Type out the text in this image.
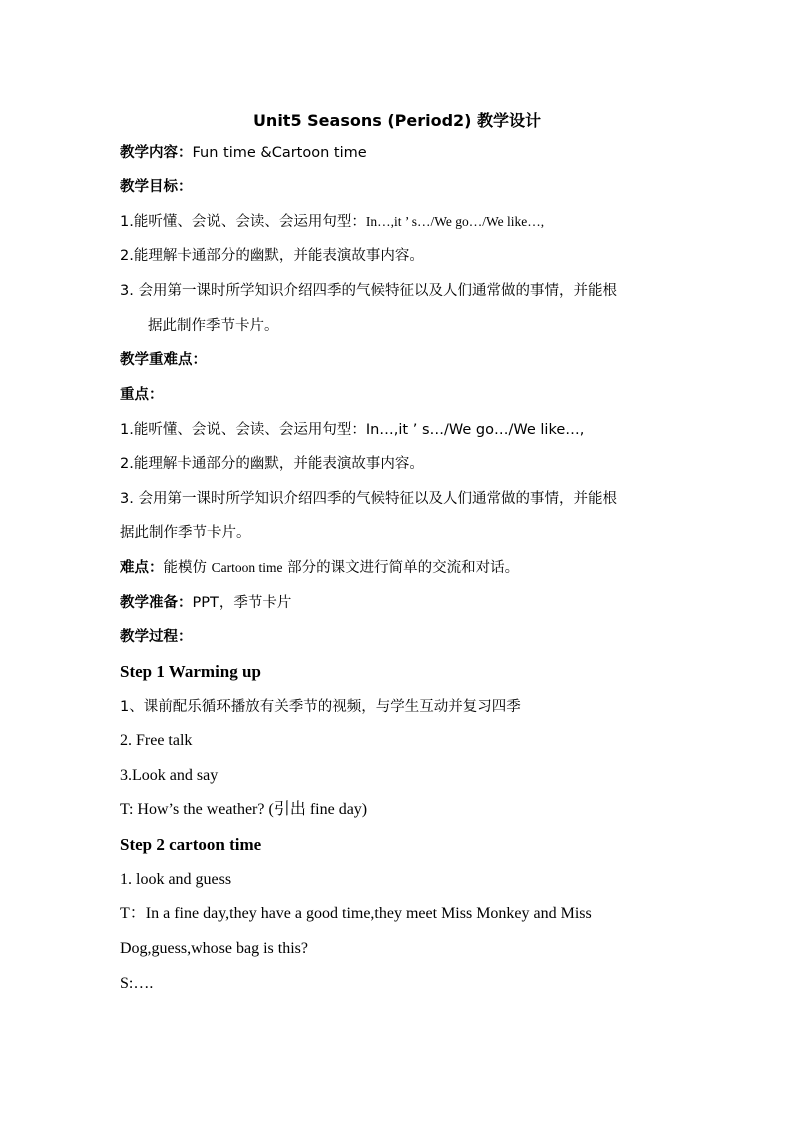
Unit5 Seasons (Period2) 教学设计
教学内容：Fun time &Cartoon time
教学目标：
1.能听懂、会说、会读、会运用句型：In…,it ’ s…/We go…/We like…,
2.能理解卡通部分的幽默，并能表演故事内容。
3. 会用第一课时所学知识介绍四季的气候特征以及人们通常做的事情，并能根
据此制作季节卡片。
教学重难点：
重点：
1.能听懂、会说、会读、会运用句型：In…,it ’ s…/We go…/We like…,
2.能理解卡通部分的幽默，并能表演故事内容。
3. 会用第一课时所学知识介绍四季的气候特征以及人们通常做的事情，并能根
据此制作季节卡片。
难点：能模仿 Cartoon time 部分的课文进行简单的交流和对话。
教学准备：PPT，季节卡片
教学过程：
Step 1 Warming up
1、课前配乐循环播放有关季节的视频，与学生互动并复习四季
2. Free talk
3.Look and say
T: How’s the weather? (引出 fine day)
Step 2 cartoon time
1. look and guess
T：In a fine day,they have a good time,they meet Miss Monkey and Miss
Dog,guess,whose bag is this?
S:….
